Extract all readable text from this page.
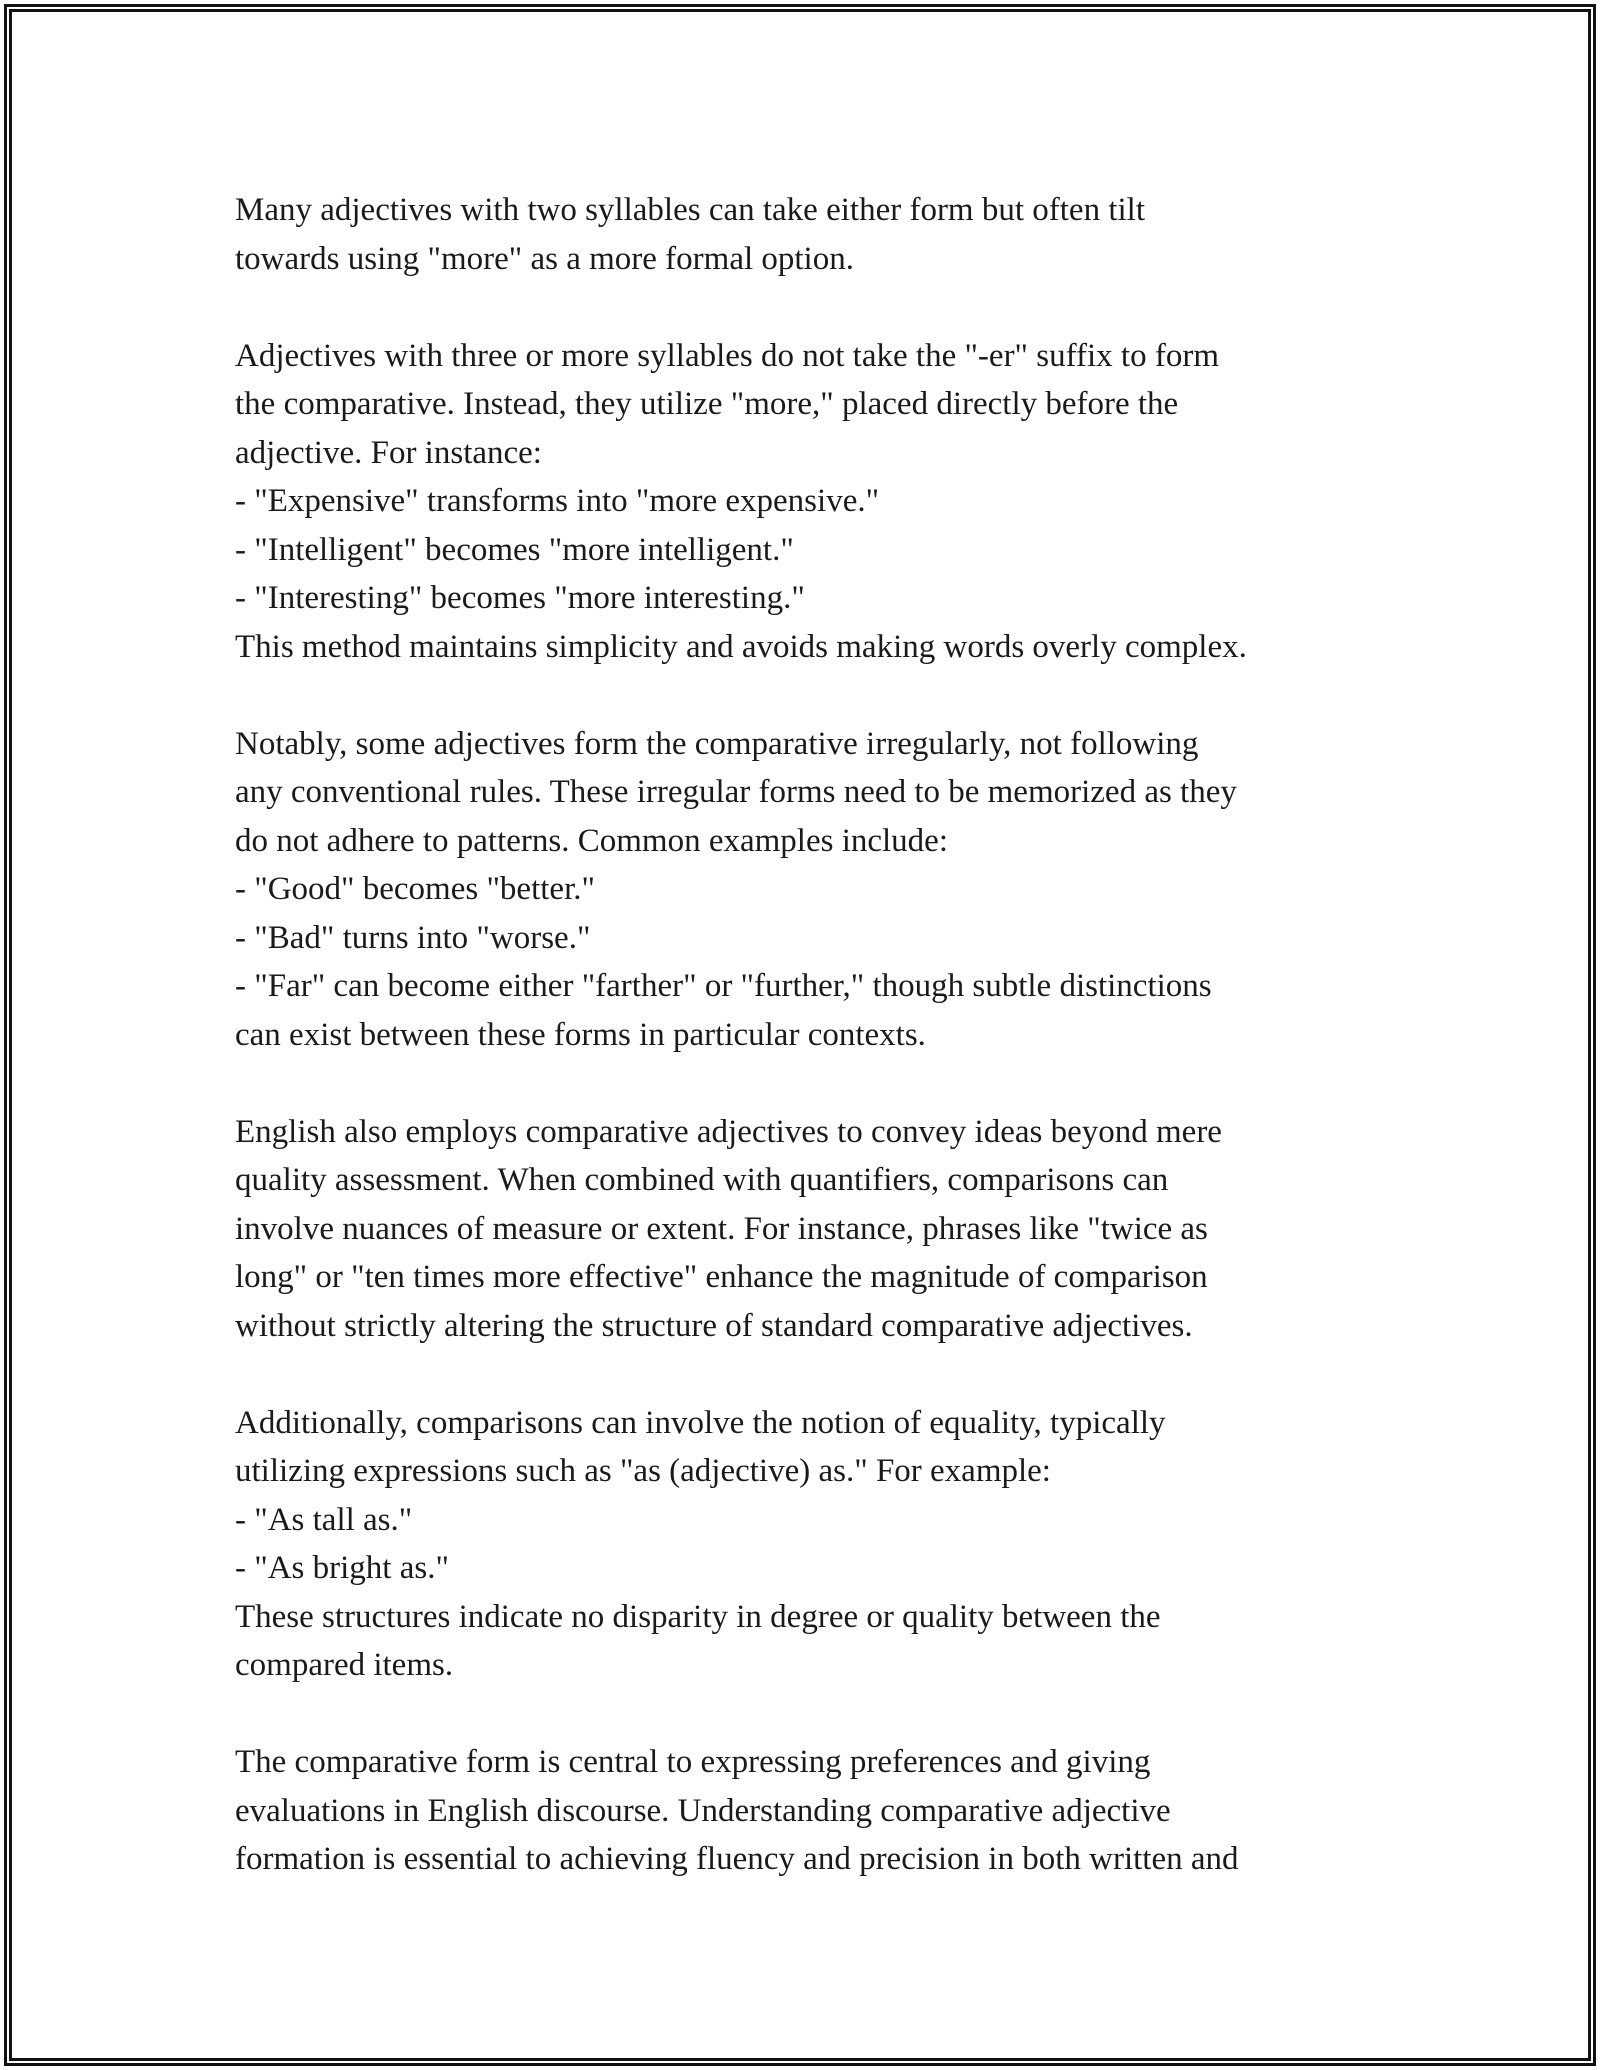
Many adjectives with two syllables can take either form but often tilt
towards using "more" as a more formal option.
Adjectives with three or more syllables do not take the "-er" suffix to form
the comparative. Instead, they utilize "more," placed directly before the
adjective. For instance:
- "Expensive" transforms into "more expensive."
- "Intelligent" becomes "more intelligent."
- "Interesting" becomes "more interesting."
This method maintains simplicity and avoids making words overly complex.
Notably, some adjectives form the comparative irregularly, not following
any conventional rules. These irregular forms need to be memorized as they
do not adhere to patterns. Common examples include:
- "Good" becomes "better."
- "Bad" turns into "worse."
- "Far" can become either "farther" or "further," though subtle distinctions
can exist between these forms in particular contexts.
English also employs comparative adjectives to convey ideas beyond mere
quality assessment. When combined with quantifiers, comparisons can
involve nuances of measure or extent. For instance, phrases like "twice as
long" or "ten times more effective" enhance the magnitude of comparison
without strictly altering the structure of standard comparative adjectives.
Additionally, comparisons can involve the notion of equality, typically
utilizing expressions such as "as (adjective) as." For example:
- "As tall as."
- "As bright as."
These structures indicate no disparity in degree or quality between the
compared items.
The comparative form is central to expressing preferences and giving
evaluations in English discourse. Understanding comparative adjective
formation is essential to achieving fluency and precision in both written and
